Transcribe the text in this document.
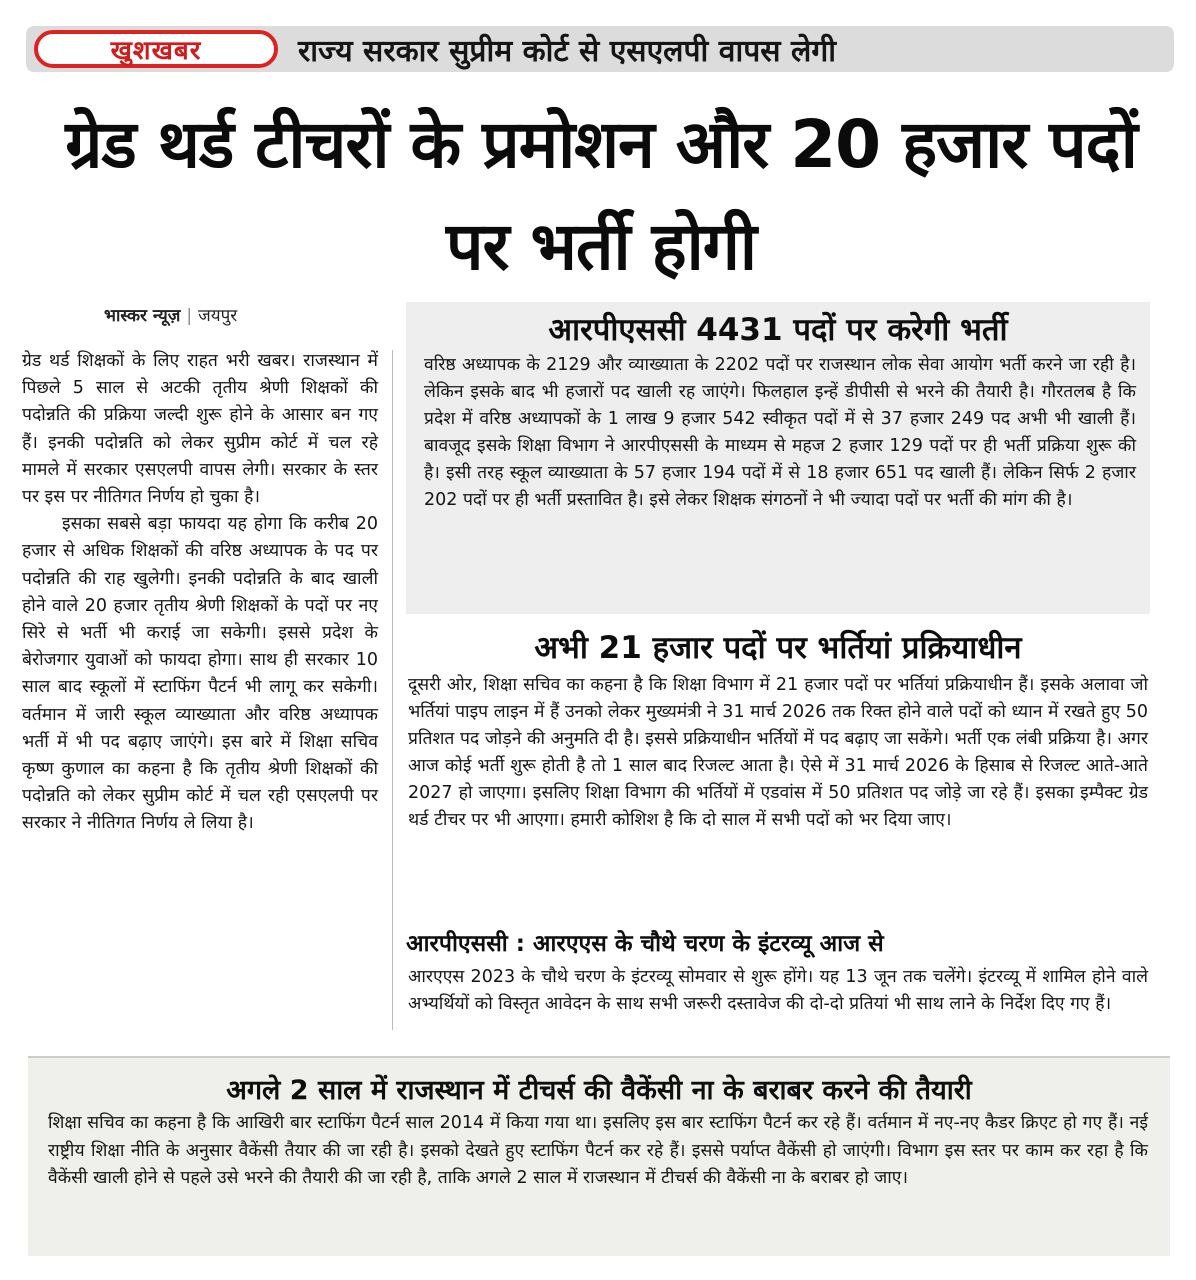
खुशखबर	राज्य सरकार सुप्रीम कोर्ट से एसएलपी वापस लेगी
ग्रेड थर्ड टीचरों के प्रमोशन और 20 हजार पदों पर भर्ती होगी
भास्कर न्यूज़ | जयपुर

ग्रेड थर्ड शिक्षकों के लिए राहत भरी खबर। राजस्थान में पिछले 5 साल से अटकी तृतीय श्रेणी शिक्षकों की पदोन्नति की प्रक्रिया जल्दी शुरू होने के आसार बन गए हैं। इनकी पदोन्नति को लेकर सुप्रीम कोर्ट में चल रहे मामले में सरकार एसएलपी वापस लेगी। सरकार के स्तर पर इस पर नीतिगत निर्णय हो चुका है।

इसका सबसे बड़ा फायदा यह होगा कि करीब 20 हजार से अधिक शिक्षकों की वरिष्ठ अध्यापक के पद पर पदोन्नति की राह खुलेगी। इनकी पदोन्नति के बाद खाली होने वाले 20 हजार तृतीय श्रेणी शिक्षकों के पदों पर नए सिरे से भर्ती भी कराई जा सकेगी। इससे प्रदेश के बेरोजगार युवाओं को फायदा होगा। साथ ही सरकार 10 साल बाद स्कूलों में स्टाफिंग पैटर्न भी लागू कर सकेगी। वर्तमान में जारी स्कूल व्याख्याता और वरिष्ठ अध्यापक भर्ती में भी पद बढ़ाए जाएंगे। इस बारे में शिक्षा सचिव कृष्ण कुणाल का कहना है कि तृतीय श्रेणी शिक्षकों की पदोन्नति को लेकर सुप्रीम कोर्ट में चल रही एसएलपी पर सरकार ने नीतिगत निर्णय ले लिया है।

आरपीएससी 4431 पदों पर करेगी भर्ती
वरिष्ठ अध्यापक के 2129 और व्याख्याता के 2202 पदों पर राजस्थान लोक सेवा आयोग भर्ती करने जा रही है। लेकिन इसके बाद भी हजारों पद खाली रह जाएंगे। फिलहाल इन्हें डीपीसी से भरने की तैयारी है। गौरतलब है कि प्रदेश में वरिष्ठ अध्यापकों के 1 लाख 9 हजार 542 स्वीकृत पदों में से 37 हजार 249 पद अभी भी खाली हैं। बावजूद इसके शिक्षा विभाग ने आरपीएससी के माध्यम से महज 2 हजार 129 पदों पर ही भर्ती प्रक्रिया शुरू की है। इसी तरह स्कूल व्याख्याता के 57 हजार 194 पदों में से 18 हजार 651 पद खाली हैं। लेकिन सिर्फ 2 हजार 202 पदों पर ही भर्ती प्रस्तावित है। इसे लेकर शिक्षक संगठनों ने भी ज्यादा पदों पर भर्ती की मांग की है।
अभी 21 हजार पदों पर भर्तियां प्रक्रियाधीन
दूसरी ओर, शिक्षा सचिव का कहना है कि शिक्षा विभाग में 21 हजार पदों पर भर्तियां प्रक्रियाधीन हैं। इसके अलावा जो भर्तियां पाइप लाइन में हैं उनको लेकर मुख्यमंत्री ने 31 मार्च 2026 तक रिक्त होने वाले पदों को ध्यान में रखते हुए 50 प्रतिशत पद जोड़ने की अनुमति दी है। इससे प्रक्रियाधीन भर्तियों में पद बढ़ाए जा सकेंगे। भर्ती एक लंबी प्रक्रिया है। अगर आज कोई भर्ती शुरू होती है तो 1 साल बाद रिजल्ट आता है। ऐसे में 31 मार्च 2026 के हिसाब से रिजल्ट आते-आते 2027 हो जाएगा। इसलिए शिक्षा विभाग की भर्तियों में एडवांस में 50 प्रतिशत पद जोड़े जा रहे हैं। इसका इम्पैक्ट ग्रेड थर्ड टीचर पर भी आएगा। हमारी कोशिश है कि दो साल में सभी पदों को भर दिया जाए।
आरपीएससी : आरएएस के चौथे चरण के इंटरव्यू आज से
आरएएस 2023 के चौथे चरण के इंटरव्यू सोमवार से शुरू होंगे। यह 13 जून तक चलेंगे। इंटरव्यू में शामिल होने वाले अभ्यर्थियों को विस्तृत आवेदन के साथ सभी जरूरी दस्तावेज की दो-दो प्रतियां भी साथ लाने के निर्देश दिए गए हैं।
अगले 2 साल में राजस्थान में टीचर्स की वैकेंसी ना के बराबर करने की तैयारी
शिक्षा सचिव का कहना है कि आखिरी बार स्टाफिंग पैटर्न साल 2014 में किया गया था। इसलिए इस बार स्टाफिंग पैटर्न कर रहे हैं। वर्तमान में नए-नए कैडर क्रिएट हो गए हैं। नई राष्ट्रीय शिक्षा नीति के अनुसार वैकेंसी तैयार की जा रही है। इसको देखते हुए स्टाफिंग पैटर्न कर रहे हैं। इससे पर्याप्त वैकेंसी हो जाएंगी। विभाग इस स्तर पर काम कर रहा है कि वैकेंसी खाली होने से पहले उसे भरने की तैयारी की जा रही है, ताकि अगले 2 साल में राजस्थान में टीचर्स की वैकेंसी ना के बराबर हो जाए।
